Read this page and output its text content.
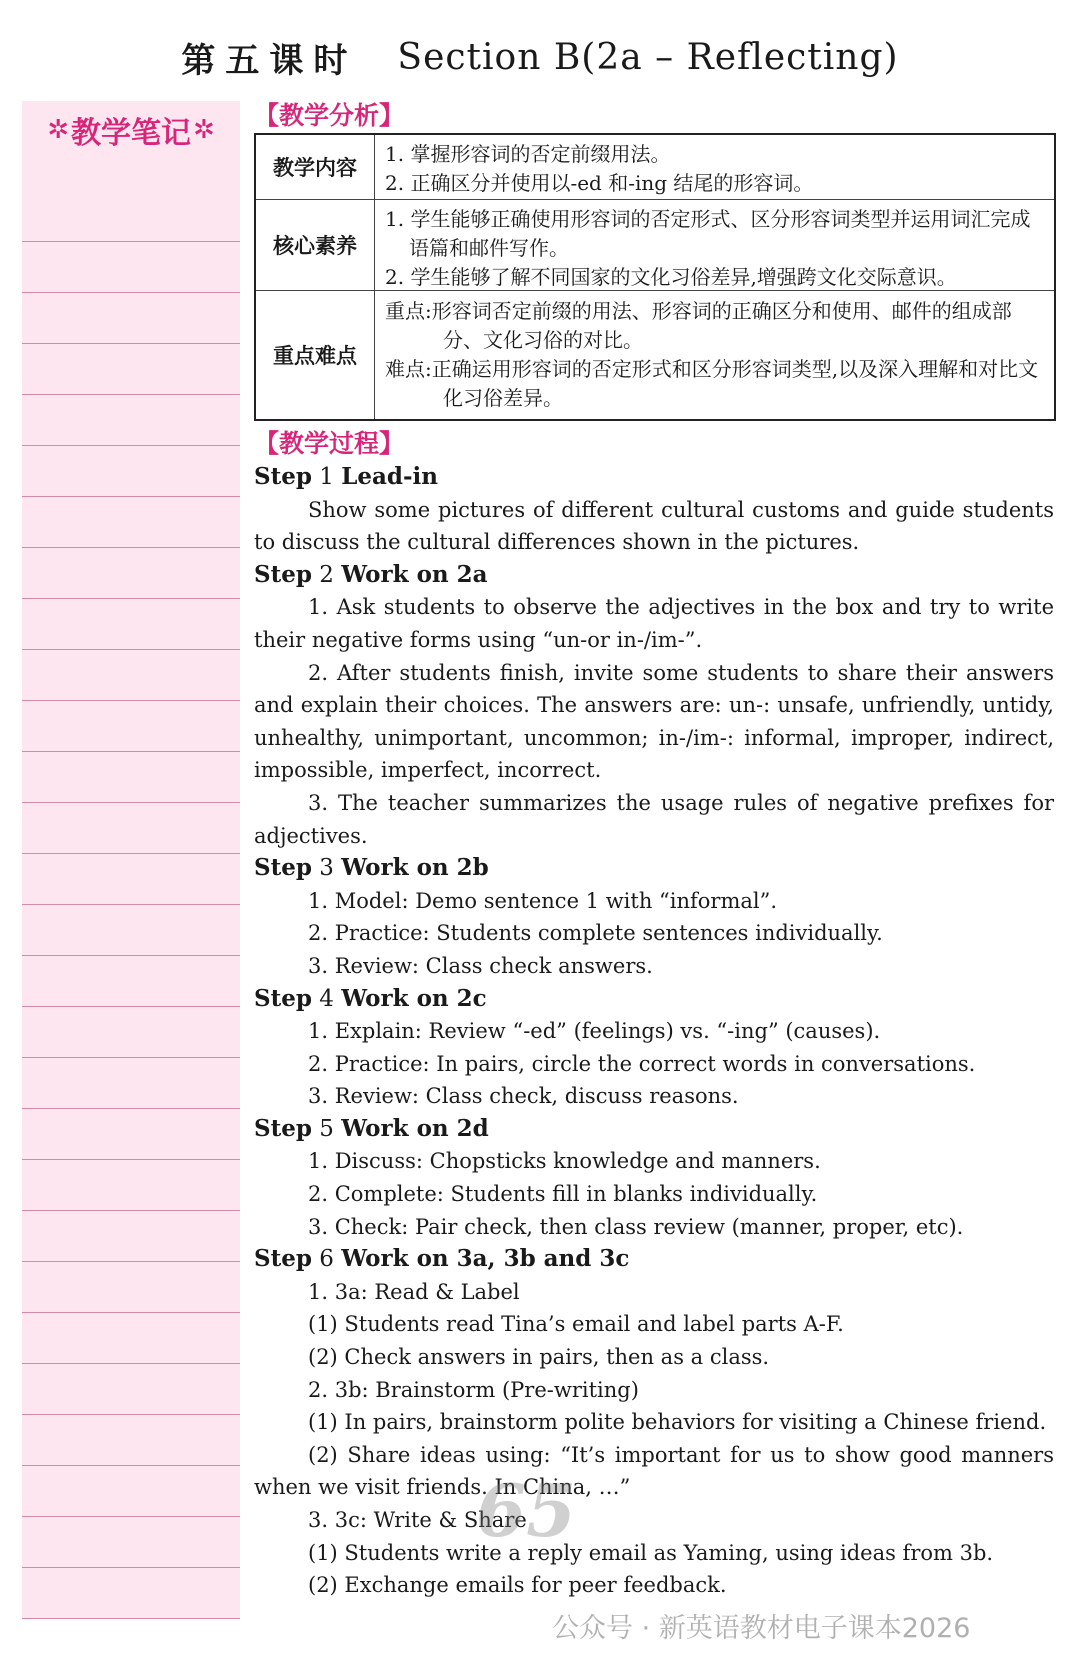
第五课时 Section B(2a – Reflecting)
✲ 教学笔记 ✲ 【教学分析】
教学内容
1. 掌握形容词的否定前缀用法。
2. 正确区分并使用以-ed 和-ing 结尾的形容词。
核心素养
1. 学生能够正确使用形容词的否定形式、区分形容词类型并运用词汇完成语篇和邮件写作。
2. 学生能够了解不同国家的文化习俗差异,增强跨文化交际意识。
重点难点
重点:形容词否定前缀的用法、形容词的正确区分和使用、邮件的组成部分、文化习俗的对比。
难点:正确运用形容词的否定形式和区分形容词类型,以及深入理解和对比文化习俗差异。
【教学过程】
Step 1 Lead-in
Show some pictures of different cultural customs and guide students to discuss the cultural differences shown in the pictures.
Step 2 Work on 2a
1. Ask students to observe the adjectives in the box and try to write their negative forms using “un-or in-/im-”.
2. After students finish, invite some students to share their answers and explain their choices. The answers are: un-: unsafe, unfriendly, untidy, unhealthy, unimportant, uncommon; in-/im-: informal, improper, indirect, impossible, imperfect, incorrect.
3. The teacher summarizes the usage rules of negative prefixes for adjectives.
Step 3 Work on 2b
1. Model: Demo sentence 1 with “informal”.
2. Practice: Students complete sentences individually.
3. Review: Class check answers.
Step 4 Work on 2c
1. Explain: Review “-ed” (feelings) vs. “-ing” (causes).
2. Practice: In pairs, circle the correct words in conversations.
3. Review: Class check, discuss reasons.
Step 5 Work on 2d
1. Discuss: Chopsticks knowledge and manners.
2. Complete: Students fill in blanks individually.
3. Check: Pair check, then class review (manner, proper, etc).
Step 6 Work on 3a, 3b and 3c
1. 3a: Read & Label
(1) Students read Tina’s email and label parts A-F.
(2) Check answers in pairs, then as a class.
2. 3b: Brainstorm (Pre-writing)
(1) In pairs, brainstorm polite behaviors for visiting a Chinese friend.
(2) Share ideas using: “It’s important for us to show good manners when we visit friends. In China, …”
3. 3c: Write & Share
(1) Students write a reply email as Yaming, using ideas from 3b.
(2) Exchange emails for peer feedback.
65
公众号 · 新英语教材电子课本2026
